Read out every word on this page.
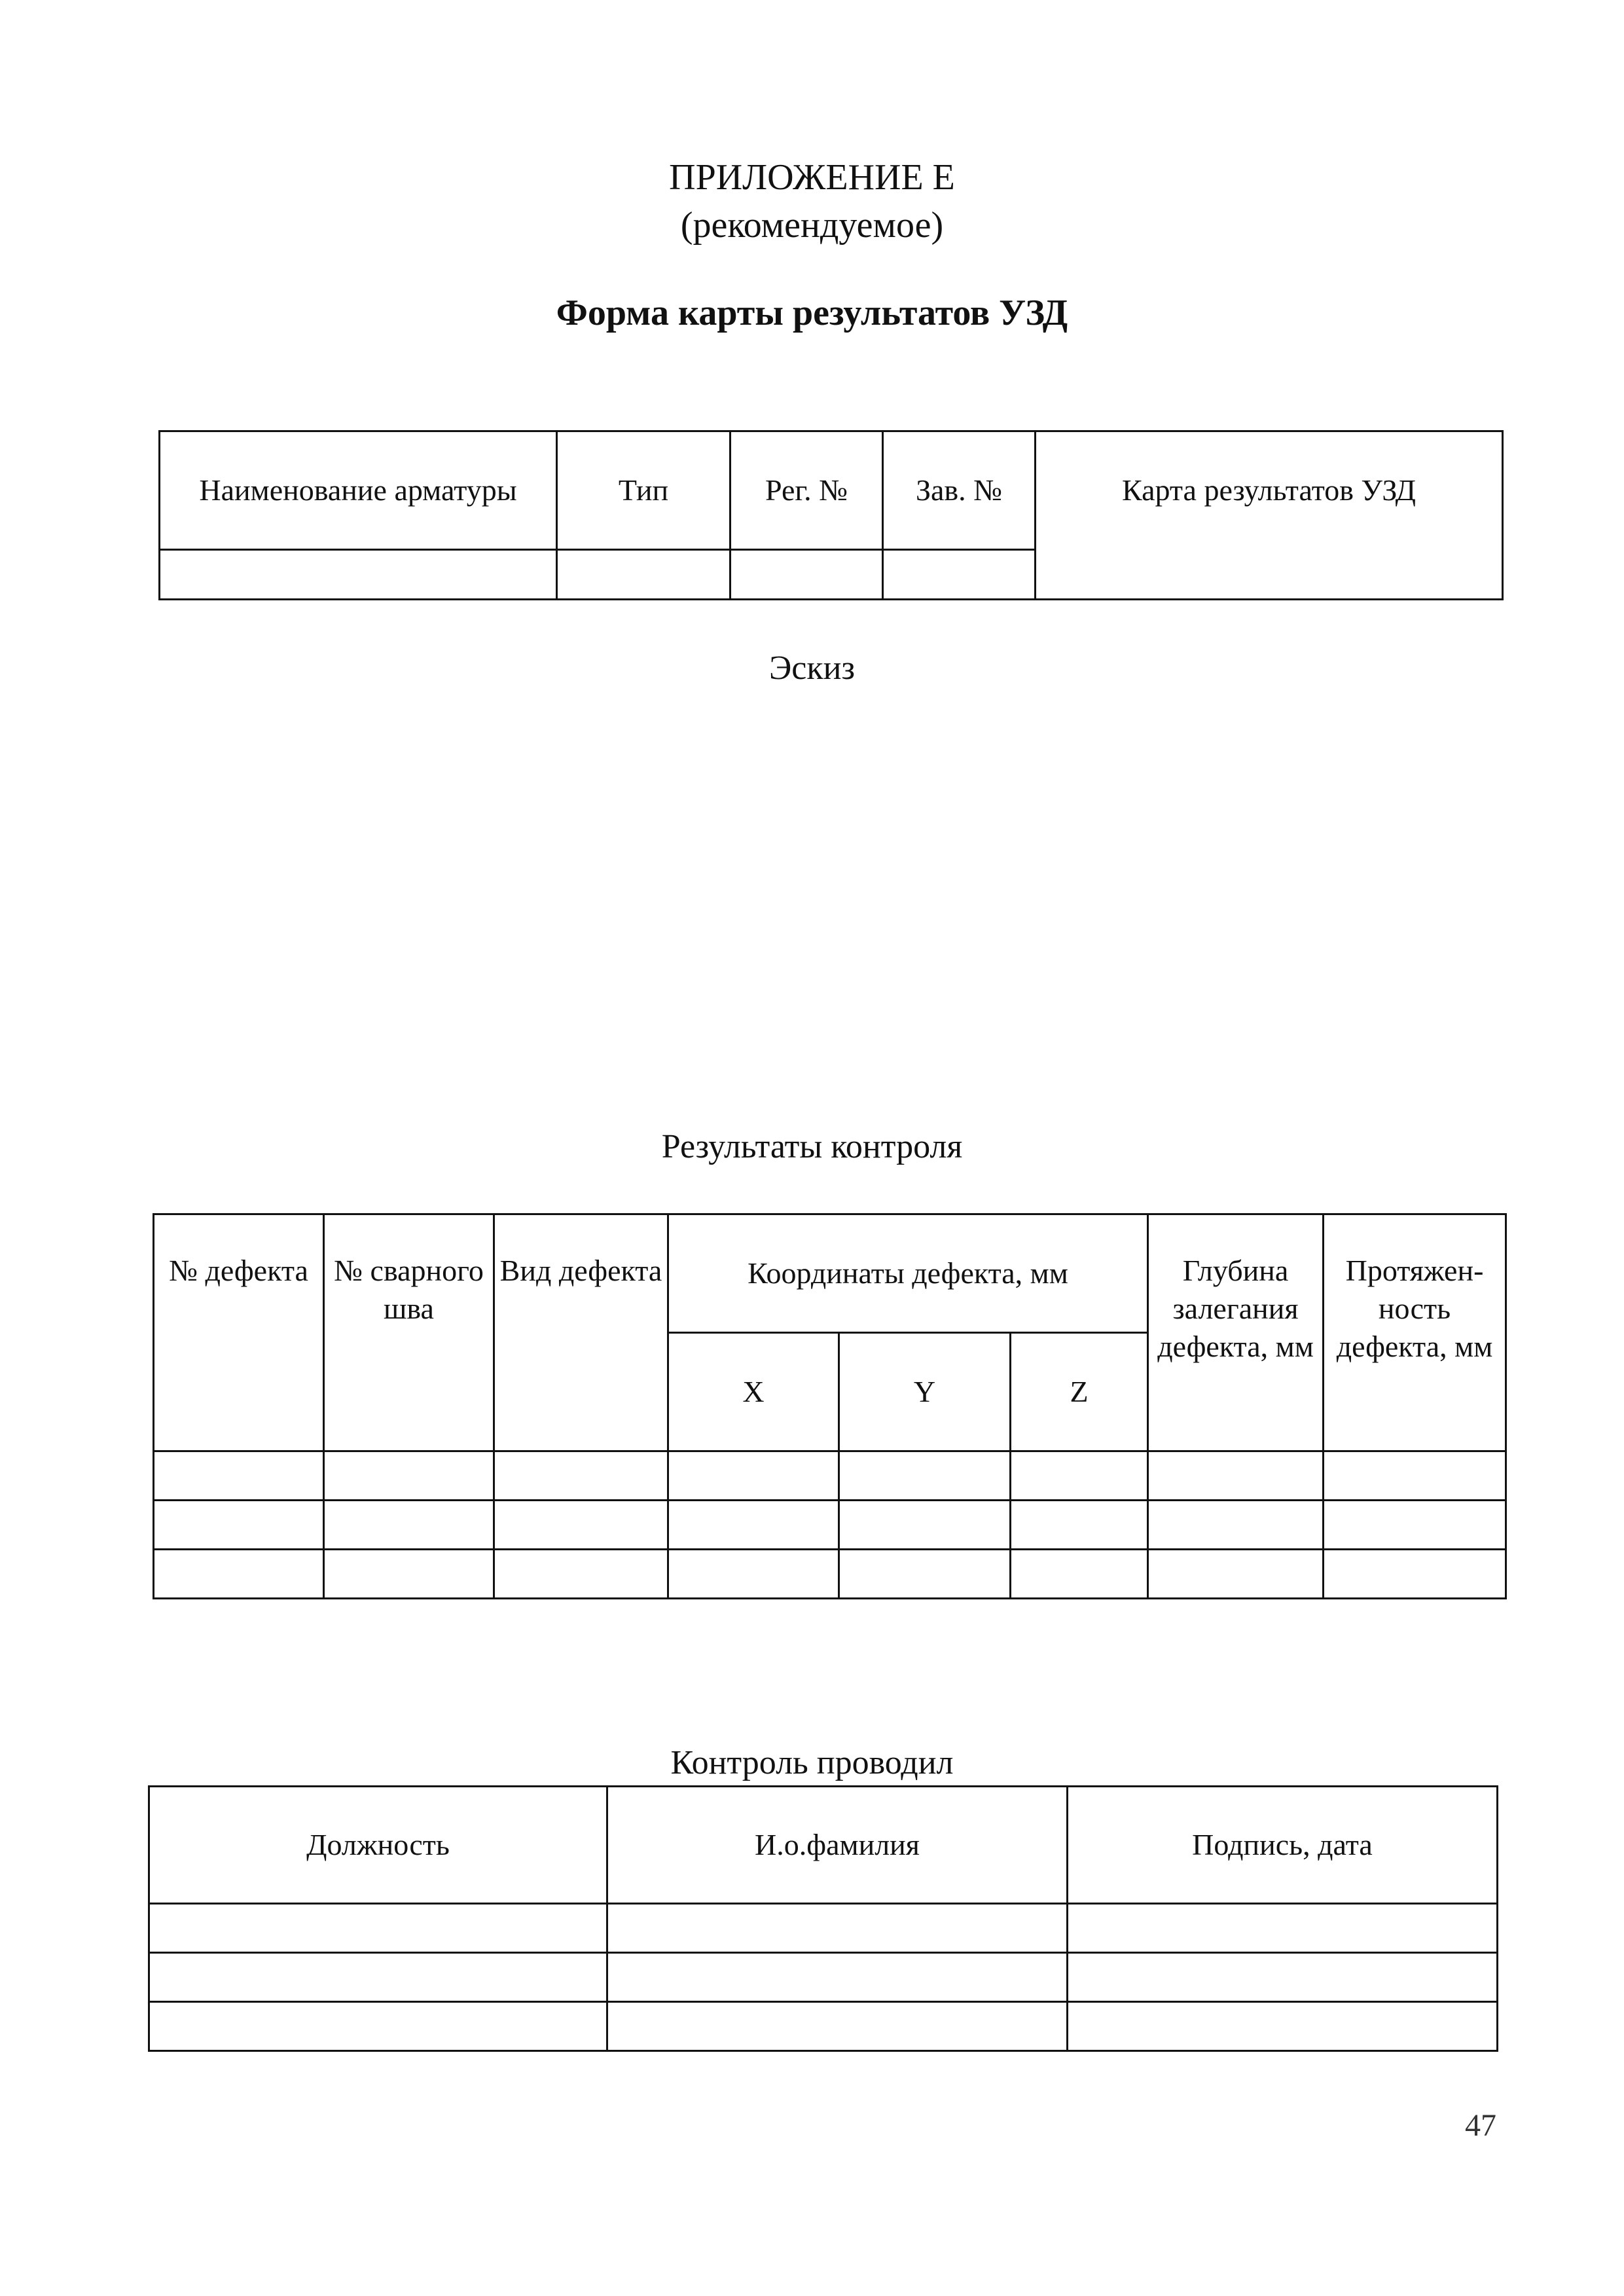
ПРИЛОЖЕНИЕ Е
(рекомендуемое)
Форма карты результатов УЗД
Наименование арматуры	Тип	Рег. №	Зав. №	Карта результатов УЗД

Эскиз
Результаты контроля
№ дефекта	№ сварного шва	Вид дефекта	Координаты дефекта, мм			Глубина залегания дефекта, мм	Протяжен-ность дефекта, мм
			X	Y	Z		

Контроль проводил
Должность	И.о.фамилия	Подпись, дата

47
